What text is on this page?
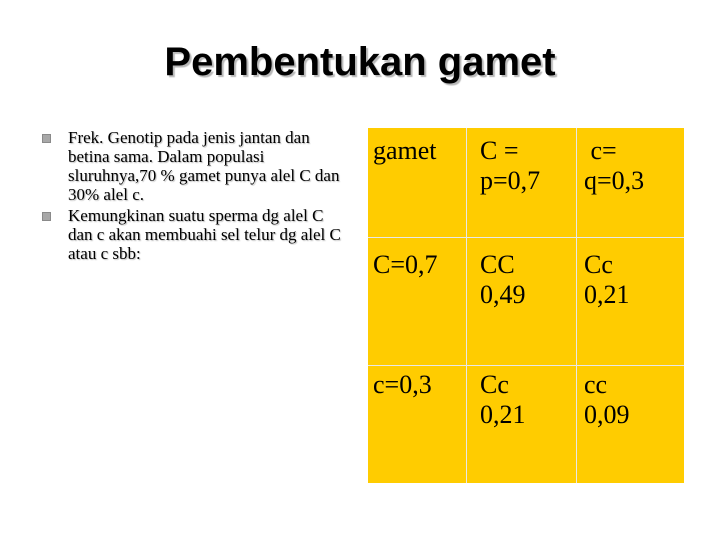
Pembentukan gamet
Frek. Genotip pada jenis jantan dan betina sama. Dalam populasi sluruhnya,70 % gamet punya alel C dan 30% alel c.
Kemungkinan suatu sperma dg alel C dan c akan membuahi sel telur dg alel C atau c sbb:
gamet C =
p=0,7
c=
q=0,3
C=0,7 CC
0,49
Cc
0,21
c=0,3 Cc
0,21
cc
0,09
